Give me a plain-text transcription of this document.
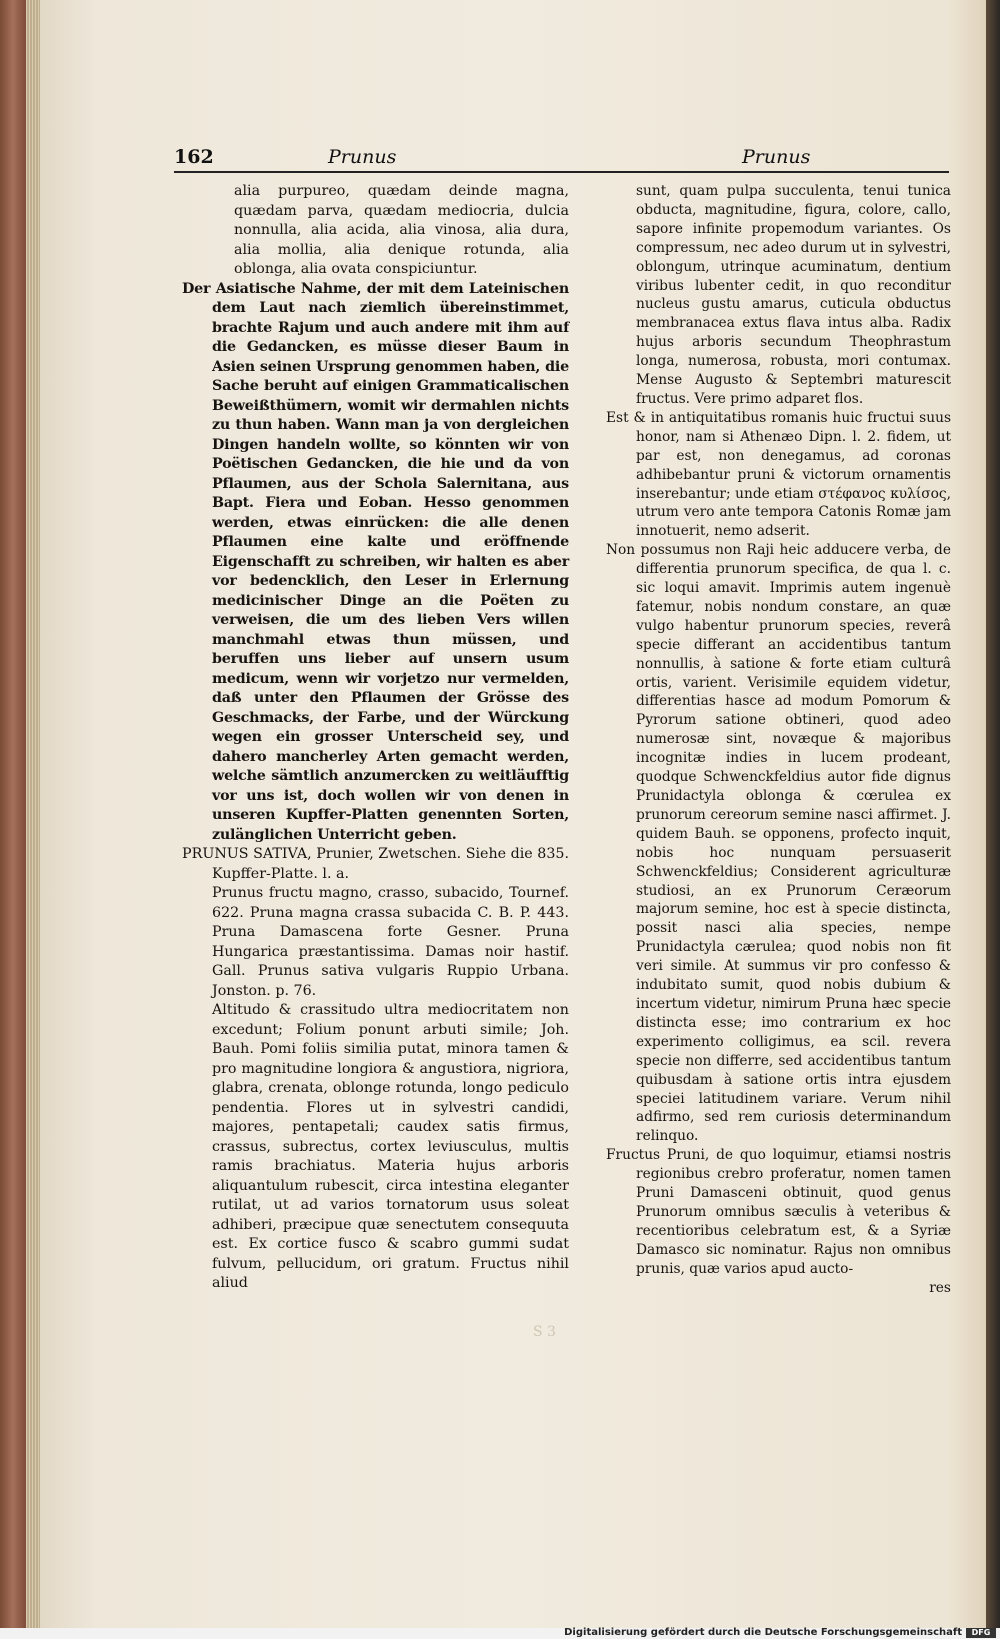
162	Prunus	Prunus

alia purpureo, quædam deinde magna, quædam parva, quædam mediocria, dulcia nonnulla, alia acida, alia vinosa, alia dura, alia mollia, alia denique rotunda, alia oblonga, alia ovata conspiciuntur.

Der Asiatische Nahme, der mit dem Lateinischen dem Laut nach ziemlich übereinstimmet, brachte Rajum und auch andere mit ihm auf die Gedancken, es müsse dieser Baum in Asien seinen Ursprung genommen haben, die Sache beruht auf einigen Grammaticalischen Beweißthümern, womit wir dermahlen nichts zu thun haben. Wann man ja von dergleichen Dingen handeln wollte, so könnten wir von Poëtischen Gedancken, die hie und da von Pflaumen, aus der Schola Salernitana, aus Bapt. Fiera und Eoban. Hesso genommen werden, etwas einrücken: die alle denen Pflaumen eine kalte und eröffnende Eigenschafft zu schreiben, wir halten es aber vor bedencklich, den Leser in Erlernung medicinischer Dinge an die Poëten zu verweisen, die um des lieben Vers willen manchmahl etwas thun müssen, und beruffen uns lieber auf unsern usum medicum, wenn wir vorjetzo nur vermelden, daß unter den Pflaumen der Grösse des Geschmacks, der Farbe, und der Würckung wegen ein grosser Unterscheid sey, und dahero mancherley Arten gemacht werden, welche sämtlich anzumercken zu weitläufftig vor uns ist, doch wollen wir von denen in unseren Kupffer-Platten genennten Sorten, zulänglichen Unterricht geben.

PRUNUS SATIVA, Prunier, Zwetschen. Siehe die 835. Kupffer-Platte. l. a.

Prunus fructu magno, crasso, subacido, Tournef. 622. Pruna magna crassa subacida C. B. P. 443. Pruna Damascena forte Gesner. Pruna Hungarica præstantissima. Damas noir hastif. Gall. Prunus sativa vulgaris Ruppio Urbana. Jonston. p. 76.

Altitudo & crassitudo ultra mediocritatem non excedunt; Folium ponunt arbuti simile; Joh. Bauh. Pomi foliis similia putat, minora tamen & pro magnitudine longiora & angustiora, nigriora, glabra, crenata, oblonge rotunda, longo pediculo pendentia. Flores ut in sylvestri candidi, majores, pentapetali; caudex satis firmus, crassus, subrectus, cortex leviusculus, multis ramis brachiatus. Materia hujus arboris aliquantulum rubescit, circa intestina eleganter rutilat, ut ad varios tornatorum usus soleat adhiberi, præcipue quæ senectutem consequuta est. Ex cortice fusco & scabro gummi sudat fulvum, pellucidum, ori gratum. Fructus nihil aliud

sunt, quam pulpa succulenta, tenui tunica obducta, magnitudine, figura, colore, callo, sapore infinite propemodum variantes. Os compressum, nec adeo durum ut in sylvestri, oblongum, utrinque acuminatum, dentium viribus lubenter cedit, in quo reconditur nucleus gustu amarus, cuticula obductus membranacea extus flava intus alba. Radix hujus arboris secundum Theophrastum longa, numerosa, robusta, mori contumax. Mense Augusto & Septembri maturescit fructus. Vere primo adparet flos.

Est & in antiquitatibus romanis huic fructui suus honor, nam si Athenæo Dipn. l. 2. fidem, ut par est, non denegamus, ad coronas adhibebantur pruni & victorum ornamentis inserebantur; unde etiam στέφανος κυλίσος, utrum vero ante tempora Catonis Romæ jam innotuerit, nemo adserit.

Non possumus non Raji heic adducere verba, de differentia prunorum specifica, de qua l. c. sic loqui amavit. Imprimis autem ingenuè fatemur, nobis nondum constare, an quæ vulgo habentur prunorum species, reverâ specie differant an accidentibus tantum nonnullis, à satione & forte etiam culturâ ortis, varient. Verisimile equidem videtur, differentias hasce ad modum Pomorum & Pyrorum satione obtineri, quod adeo numerosæ sint, novæque & majoribus incognitæ indies in lucem prodeant, quodque Schwenckfeldius autor fide dignus Prunidactyla oblonga & cœrulea ex prunorum cereorum semine nasci affirmet. J. quidem Bauh. se opponens, profecto inquit, nobis hoc nunquam persuaserit Schwenckfeldius; Considerent agriculturæ studiosi, an ex Prunorum Ceræorum majorum semine, hoc est à specie distincta, possit nasci alia species, nempe Prunidactyla cærulea; quod nobis non fit veri simile. At summus vir pro confesso & indubitato sumit, quod nobis dubium & incertum videtur, nimirum Pruna hæc specie distincta esse; imo contrarium ex hoc experimento colligimus, ea scil. revera specie non differre, sed accidentibus tantum quibusdam à satione ortis intra ejusdem speciei latitudinem variare. Verum nihil adfirmo, sed rem curiosis determinandum relinquo.

Fructus Pruni, de quo loquimur, etiamsi nostris regionibus crebro proferatur, nomen tamen Pruni Damasceni obtinuit, quod genus Prunorum omnibus sæculis à veteribus & recentioribus celebratum est, & a Syriæ Damasco sic nominatur. Rajus non omnibus prunis, quæ varios apud aucto-

res

S 3
Digitalisierung gefördert durch die Deutsche Forschungsgemeinschaft	DFG
